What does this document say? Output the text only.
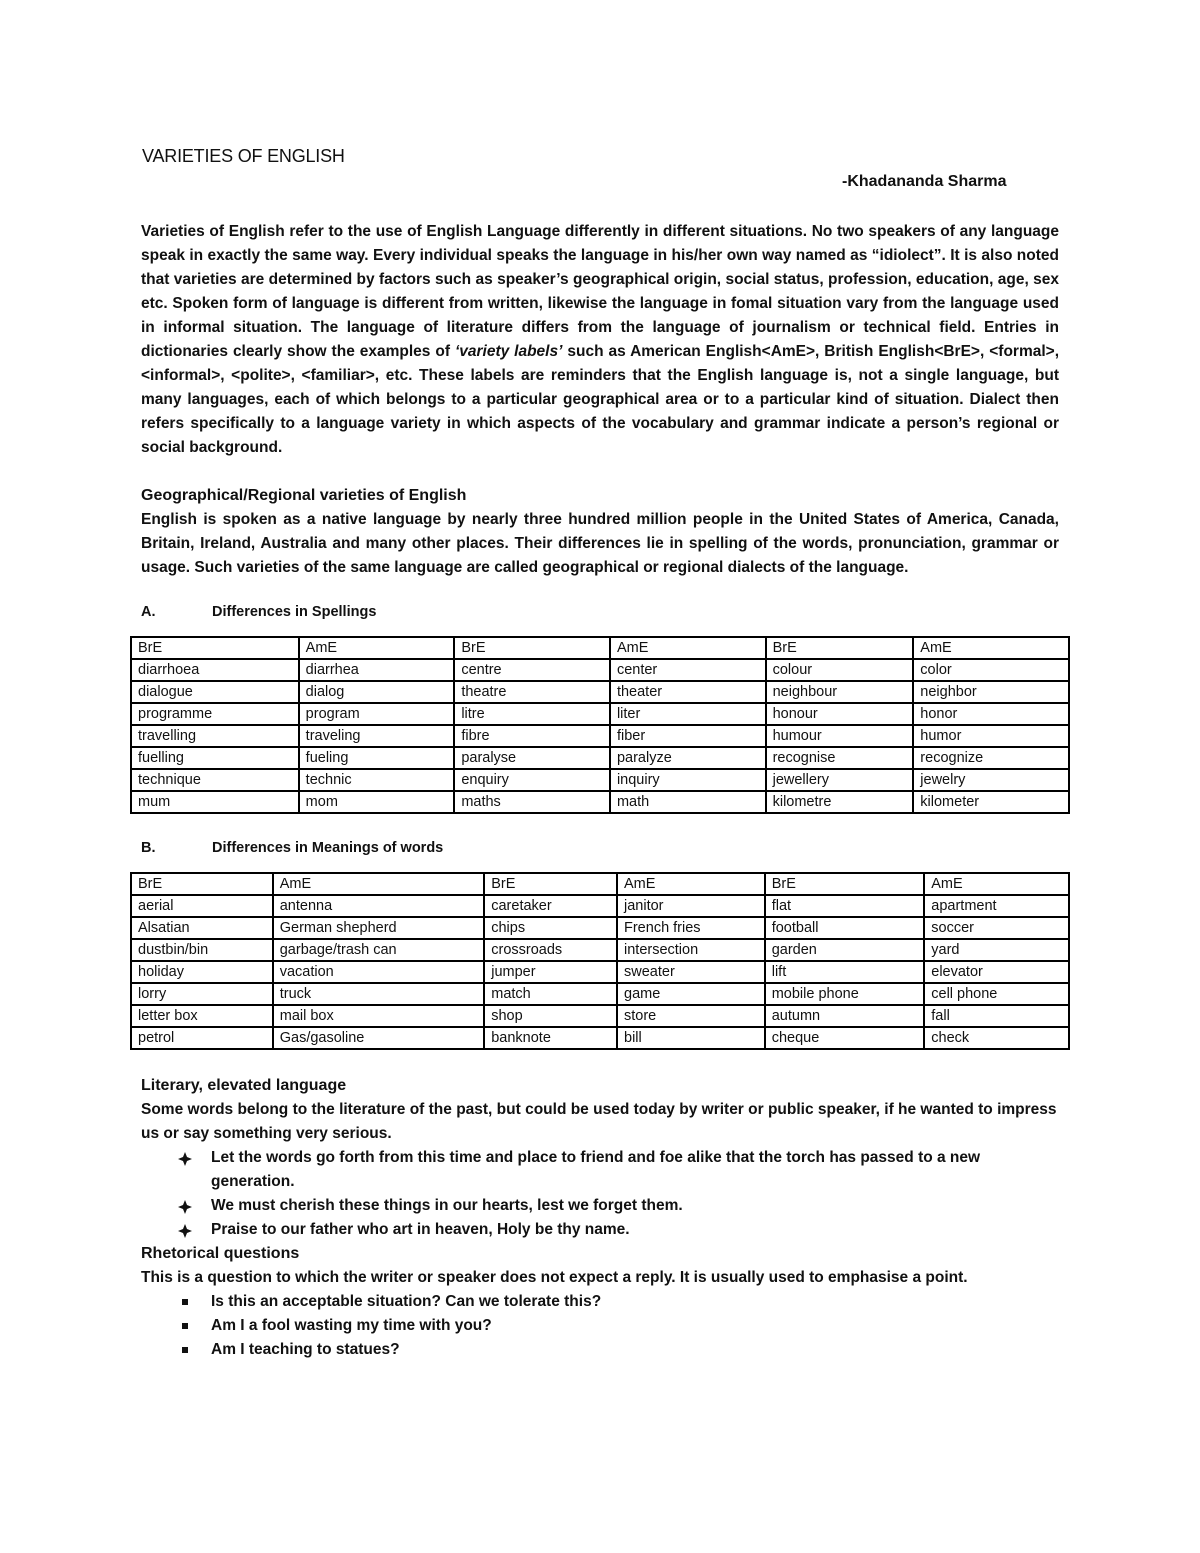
VARIETIES OF ENGLISH
-Khadananda Sharma

Varieties of English refer to the use of English Language differently in different situations. No two speakers of any language speak in exactly the same way. Every individual speaks the language in his/her own way named as “idiolect”. It is also noted that varieties are determined by factors such as speaker’s geographical origin, social status, profession, education, age, sex etc. Spoken form of language is different from written, likewise the language in fomal situation vary from the language used in informal situation. The language of literature differs from the language of journalism or technical field. Entries in dictionaries clearly show the examples of ‘variety labels’ such as American English<AmE>, British English<BrE>, <formal>, <informal>, <polite>, <familiar>, etc. These labels are reminders that the English language is, not a single language, but many languages, each of which belongs to a particular geographical area or to a particular kind of situation. Dialect then refers specifically to a language variety in which aspects of the vocabulary and grammar indicate a person’s regional or social background.

Geographical/Regional varieties of English

English is spoken as a native language by nearly three hundred million people in the United States of America, Canada, Britain, Ireland, Australia and many other places. Their differences lie in spelling of the words, pronunciation, grammar or usage. Such varieties of the same language are called geographical or regional dialects of the language.

A.	Differences in Spellings
BrE	AmE	BrE	AmE	BrE	AmE
diarrhoea	diarrhea	centre	center	colour	color
dialogue	dialog	theatre	theater	neighbour	neighbor
programme	program	litre	liter	honour	honor
travelling	traveling	fibre	fiber	humour	humor
fuelling	fueling	paralyse	paralyze	recognise	recognize
technique	technic	enquiry	inquiry	jewellery	jewelry
mum	mom	maths	math	kilometre	kilometer
B.	Differences in Meanings of words
BrE	AmE	BrE	AmE	BrE	AmE
aerial	antenna	caretaker	janitor	flat	apartment
Alsatian	German shepherd	chips	French fries	football	soccer
dustbin/bin	garbage/trash can	crossroads	intersection	garden	yard
holiday	vacation	jumper	sweater	lift	elevator
lorry	truck	match	game	mobile phone	cell phone
letter box	mail box	shop	store	autumn	fall
petrol	Gas/gasoline	banknote	bill	cheque	check

Literary, elevated language

Some words belong to the literature of the past, but could be used today by writer or public speaker, if he wanted to impress us or say something very serious.

Let the words go forth from this time and place to friend and foe alike that the torch has passed to a new generation.
We must cherish these things in our hearts, lest we forget them.
Praise to our father who art in heaven, Holy be thy name.

Rhetorical questions

This is a question to which the writer or speaker does not expect a reply. It is usually used to emphasise a point.

Is this an acceptable situation? Can we tolerate this?
Am I a fool wasting my time with you?
Am I teaching to statues?
